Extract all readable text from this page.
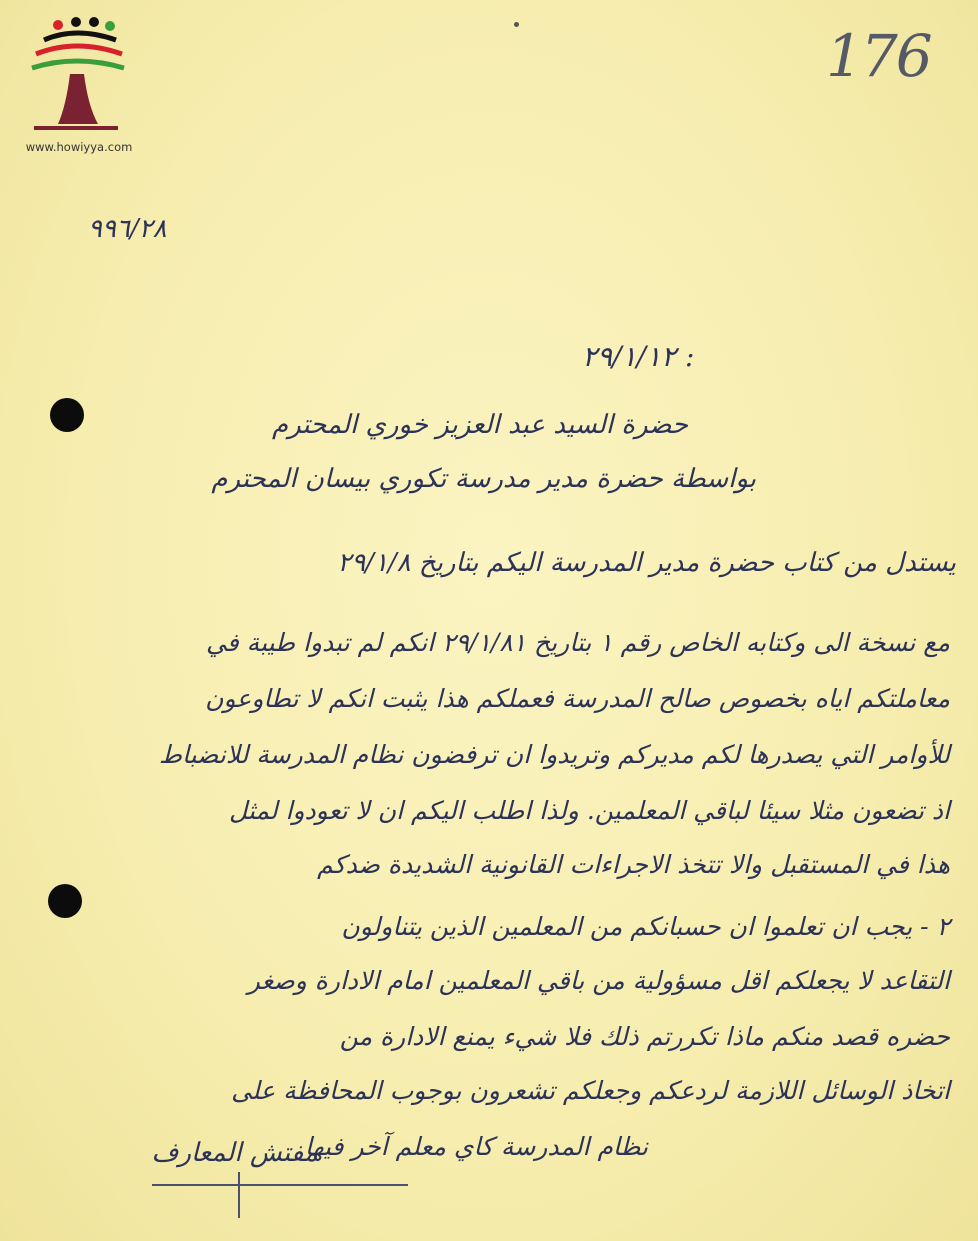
www.howiyya.com
176
٩٩٦/٢٨
٢٩/١/١٢ :
حضرة السيد عبد العزيز خوري المحترم
بواسطة حضرة مدير مدرسة تكوري بيسان المحترم
يستدل من كتاب حضرة مدير المدرسة اليكم بتاريخ ٢٩/١/٨
مع نسخة الى وكتابه الخاص رقم ١ بتاريخ ٢٩/١/٨١ انكم لم تبدوا طيبة في
معاملتكم اياه بخصوص صالح المدرسة فعملكم هذا يثبت انكم لا تطاوعون
للأوامر التي يصدرها لكم مديركم وتريدوا ان ترفضون نظام المدرسة للانضباط
اذ تضعون مثلا سيئا لباقي المعلمين. ولذا اطلب اليكم ان لا تعودوا لمثل
هذا في المستقبل والا تتخذ الاجراءات القانونية الشديدة ضدكم
٢ - يجب ان تعلموا ان حسبانكم من المعلمين الذين يتناولون
التقاعد لا يجعلكم اقل مسؤولية من باقي المعلمين امام الادارة وصغر
حضره قصد منكم ماذا تكررتم ذلك فلا شيء يمنع الادارة من
اتخاذ الوسائل اللازمة لردعكم وجعلكم تشعرون بوجوب المحافظة على
نظام المدرسة كاي معلم آخر فيها
مفتش المعارف
